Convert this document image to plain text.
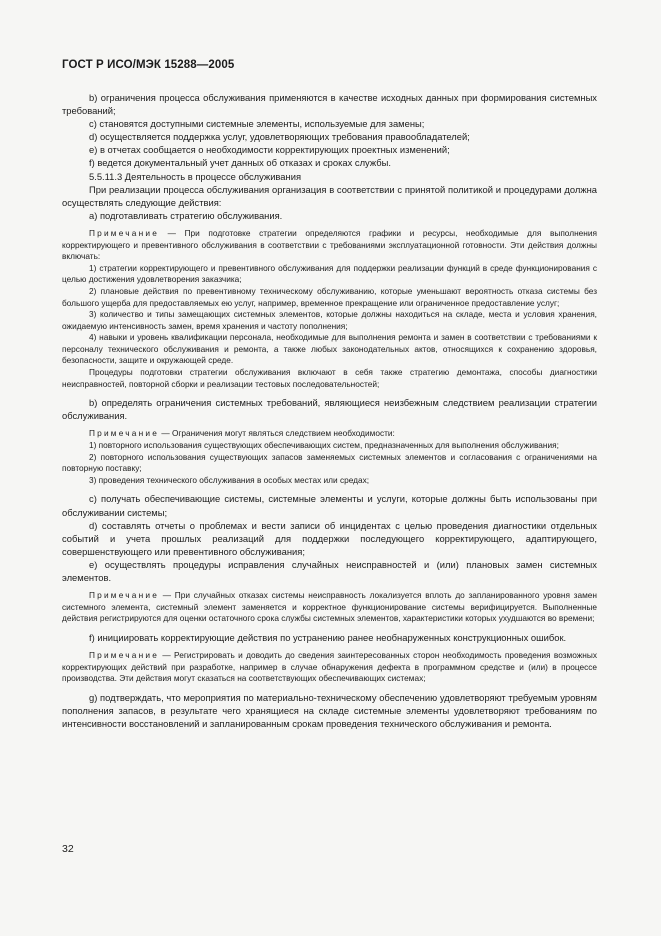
ГОСТ Р ИСО/МЭК 15288—2005

b) ограничения процесса обслуживания применяются в качестве исходных данных при формирования системных требований;

c) становятся доступными системные элементы, используемые для замены;

d) осуществляется поддержка услуг, удовлетворяющих требования правообладателей;

e) в отчетах сообщается о необходимости корректирующих проектных изменений;

f) ведется документальный учет данных об отказах и сроках службы.

5.5.11.3 Деятельность в процессе обслуживания

При реализации процесса обслуживания организация в соответствии с принятой политикой и процедурами должна осуществлять следующие действия:

a) подготавливать стратегию обслуживания.

Примечание — При подготовке стратегии определяются графики и ресурсы, необходимые для выполнения корректирующего и превентивного обслуживания в соответствии с требованиями эксплуатационной готовности. Эти действия должны включать:

1) стратегии корректирующего и превентивного обслуживания для поддержки реализации функций в среде функционирования с целью достижения удовлетворения заказчика;

2) плановые действия по превентивному техническому обслуживанию, которые уменьшают вероятность отказа системы без большого ущерба для предоставляемых ею услуг, например, временное прекращение или ограниченное предоставление услуг;

3) количество и типы замещающих системных элементов, которые должны находиться на складе, места и условия хранения, ожидаемую интенсивность замен, время хранения и частоту пополнения;

4) навыки и уровень квалификации персонала, необходимые для выполнения ремонта и замен в соответствии с требованиями к персоналу технического обслуживания и ремонта, а также любых законодательных актов, относящихся к сохранению здоровья, безопасности, защите и окружающей среде.

Процедуры подготовки стратегии обслуживания включают в себя также стратегию демонтажа, способы диагностики неисправностей, повторной сборки и реализации тестовых последовательностей;

b) определять ограничения системных требований, являющиеся неизбежным следствием реализации стратегии обслуживания.

Примечание — Ограничения могут являться следствием необходимости:

1) повторного использования существующих обеспечивающих систем, предназначенных для выполнения обслуживания;

2) повторного использования существующих запасов заменяемых системных элементов и согласования с ограничениями на повторную поставку;

3) проведения технического обслуживания в особых местах или средах;

c) получать обеспечивающие системы, системные элементы и услуги, которые должны быть использованы при обслуживании системы;

d) составлять отчеты о проблемах и вести записи об инцидентах с целью проведения диагностики отдельных событий и учета прошлых реализаций для поддержки последующего корректирующего, адаптирующего, совершенствующего или превентивного обслуживания;

e) осуществлять процедуры исправления случайных неисправностей и (или) плановых замен системных элементов.

Примечание — При случайных отказах системы неисправность локализуется вплоть до запланированного уровня замен системного элемента, системный элемент заменяется и корректное функционирование системы верифицируется. Выполненные действия регистрируются для оценки остаточного срока службы системных элементов, характеристики которых ухудшаются во времени;

f) инициировать корректирующие действия по устранению ранее необнаруженных конструкционных ошибок.

Примечание — Регистрировать и доводить до сведения заинтересованных сторон необходимость проведения возможных корректирующих действий при разработке, например в случае обнаружения дефекта в программном средстве и (или) в процессе производства. Эти действия могут сказаться на соответствующих обеспечивающих системах;

g) подтверждать, что мероприятия по материально-техническому обеспечению удовлетворяют требуемым уровням пополнения запасов, в результате чего хранящиеся на складе системные элементы удовлетворяют требованиям по интенсивности восстановлений и запланированным срокам проведения технического обслуживания и ремонта.

32
